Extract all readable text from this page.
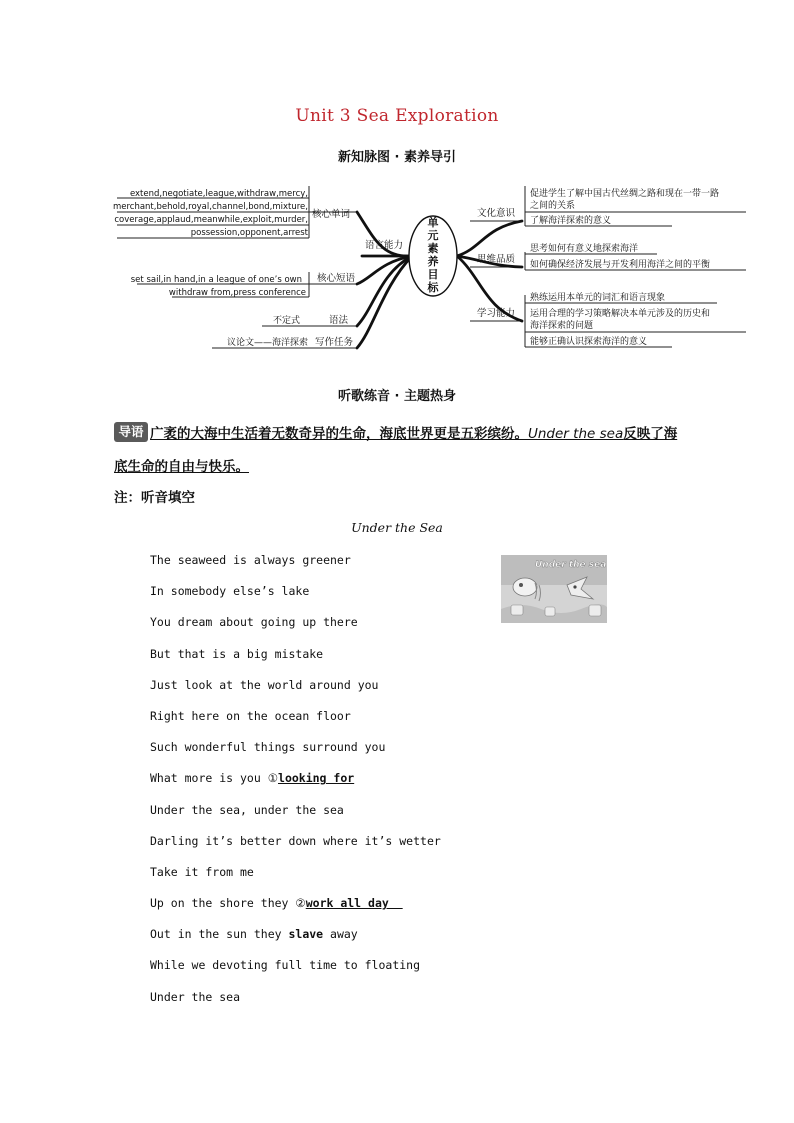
Unit 3 Sea Exploration
新知脉图 · 素养导引
单
元
素
养
目
标
语言能力
extend,negotiate,league,withdraw,mercy,
merchant,behold,royal,channel,bond,mixture,
coverage,applaud,meanwhile,exploit,murder,
possession,opponent,arrest
核心单词
set sail,in hand,in a league of one’s own
withdraw from,press conference
核心短语
不定式	语法
议论文——海洋探索 写作任务
文化意识
促进学生了解中国古代丝绸之路和现在一带一路
之间的关系
了解海洋探索的意义
思维品质
思考如何有意义地探索海洋
如何确保经济发展与开发利用海洋之间的平衡
学习能力
熟练运用本单元的词汇和语言现象
运用合理的学习策略解决本单元涉及的历史和
海洋探索的问题
能够正确认识探索海洋的意义
听歌练音 · 主题热身
导语 广袤的大海中生活着无数奇异的生命，海底世界更是五彩缤纷。Under the sea反映了海
底生命的自由与快乐。
注：听音填空
Under the Sea
Under the sea
The seaweed is always greener
In somebody else’s lake
You dream about going up there
But that is a big mistake
Just look at the world around you
Right here on the ocean floor
Such wonderful things surround you
What more is you ①looking for
Under the sea, under the sea
Darling it’s better down where it’s wetter
Take it from me
Up on the shore they ②work all day
Out in the sun they slave away
While we devoting full time to floating
Under the sea
